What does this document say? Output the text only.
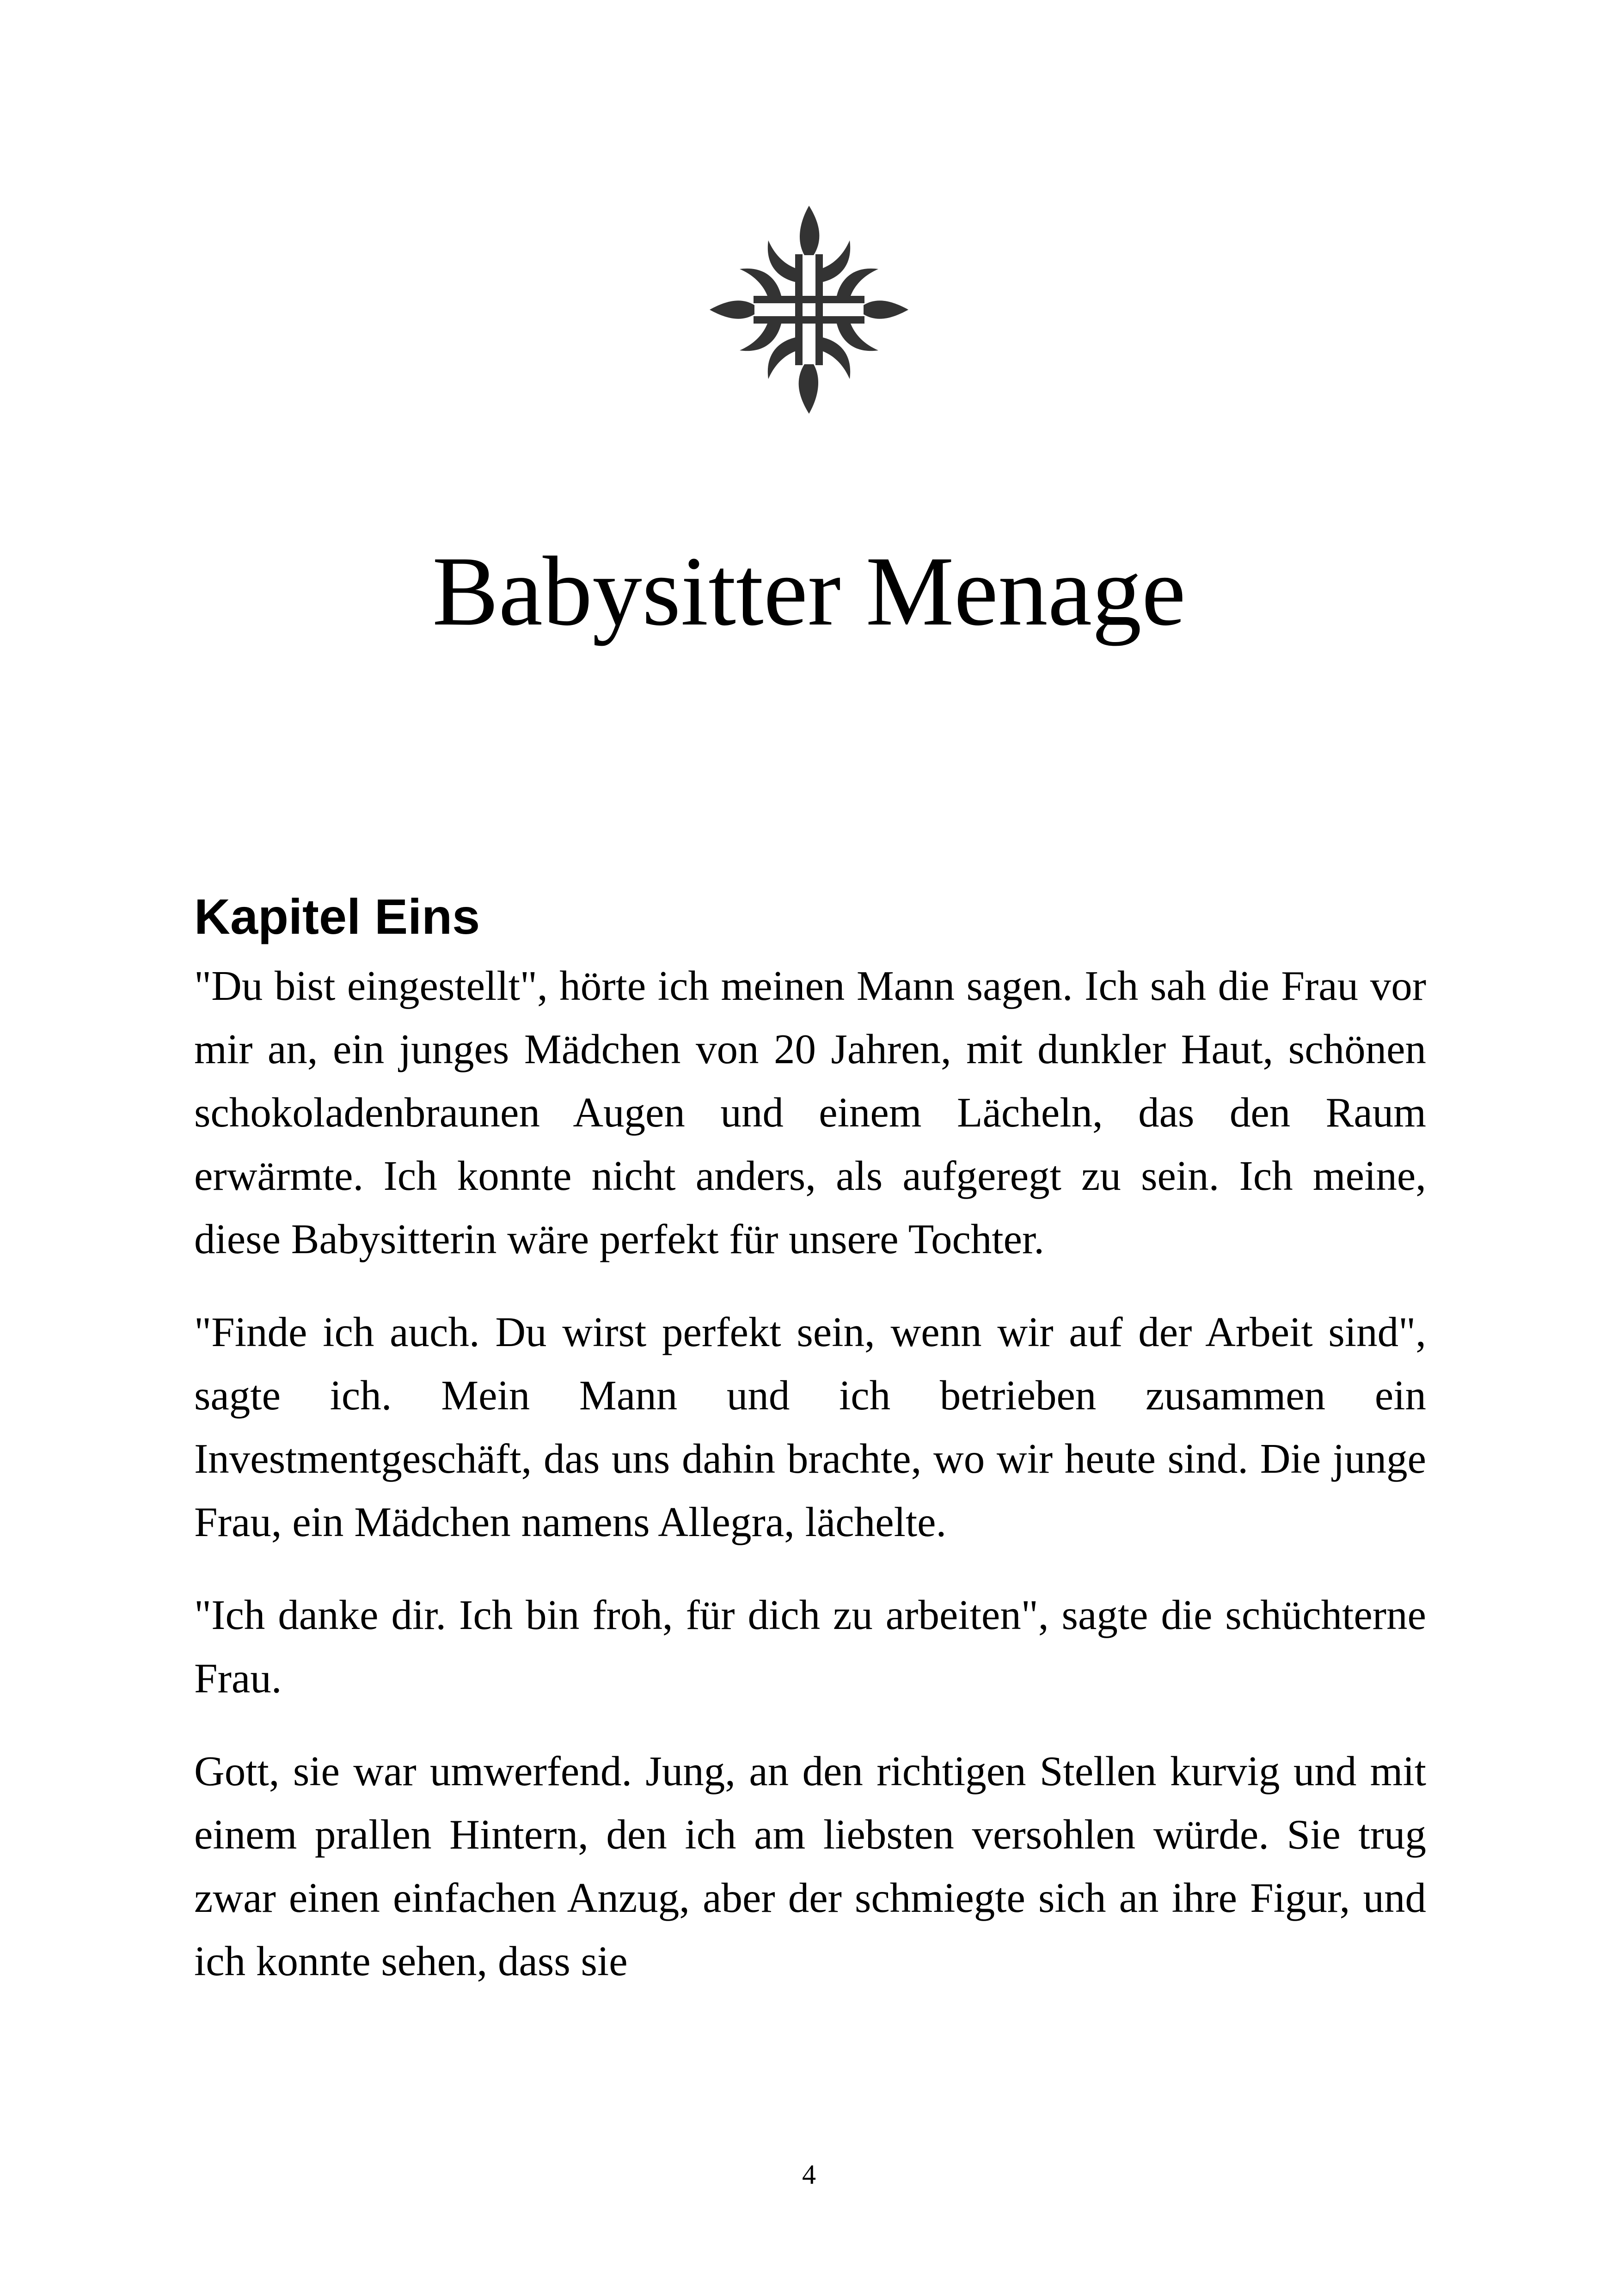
Babysitter Menage
Kapitel Eins

"Du bist eingestellt", hörte ich meinen Mann sagen. Ich sah die Frau vor mir an, ein junges Mädchen von 20 Jahren, mit dunkler Haut, schönen schokoladenbraunen Augen und einem Lächeln, das den Raum erwärmte. Ich konnte nicht anders, als aufgeregt zu sein. Ich meine, diese Babysitterin wäre perfekt für unsere Tochter.

"Finde ich auch. Du wirst perfekt sein, wenn wir auf der Arbeit sind", sagte ich. Mein Mann und ich betrieben zusammen ein Investmentgeschäft, das uns dahin brachte, wo wir heute sind. Die junge Frau, ein Mädchen namens Allegra, lächelte.

"Ich danke dir. Ich bin froh, für dich zu arbeiten", sagte die schüchterne Frau.

Gott, sie war umwerfend. Jung, an den richtigen Stellen kurvig und mit einem prallen Hintern, den ich am liebsten versohlen würde. Sie trug zwar einen einfachen Anzug, aber der schmiegte sich an ihre Figur, und ich konnte sehen, dass sie

4
